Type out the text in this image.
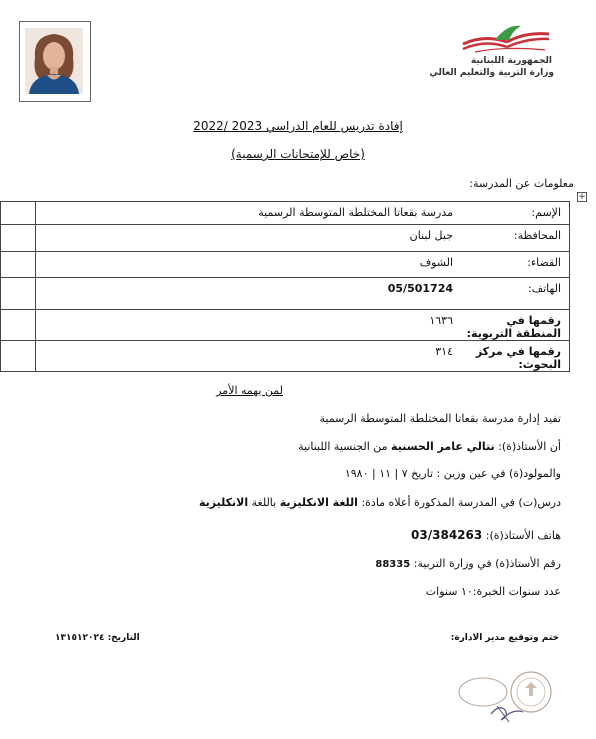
الجمهورية اللبنانية
وزارة التربية والتعليم العالي
إفادة تدريس للعام الدراسي 2023 /2022
(خاص للإمتحانات الرسمية)
معلومات عن المدرسة:
+
الإسم:	مدرسة بقعاتا المختلطة المتوسطة الرسمية	
المحافظة:	جبل لبنان	
القضاء:	الشوف	
الهاتف:	05/501724	
رقمها في المنطقة التربوية:	١٦٣٦	
رقمها في مركز البحوث:	٣١٤	
لمن يهمه الأمر
تفيد إدارة مدرسة بقعاتا المختلطة المتوسطة الرسمية
أن الأستاذ(ة): نتالي عامر الحسنية من الجنسية اللبنانية
والمولود(ة) في عين وزين : تاريخ ٧ | ١١ | ١٩٨٠
درس(ت) في المدرسة المذكورة أعلاه مادة: اللغة الانكليزية باللغة الانكليزية
هاتف الأستاذ(ة): 03/384263
رقم الأستاذ(ة) في وزارة التربية: 88335
عدد سنوات الخبرة:١٠ سنوات
ختم وتوقيع مدير الادارة:
التاريخ: ١٣١٥١٢٠٢٤
